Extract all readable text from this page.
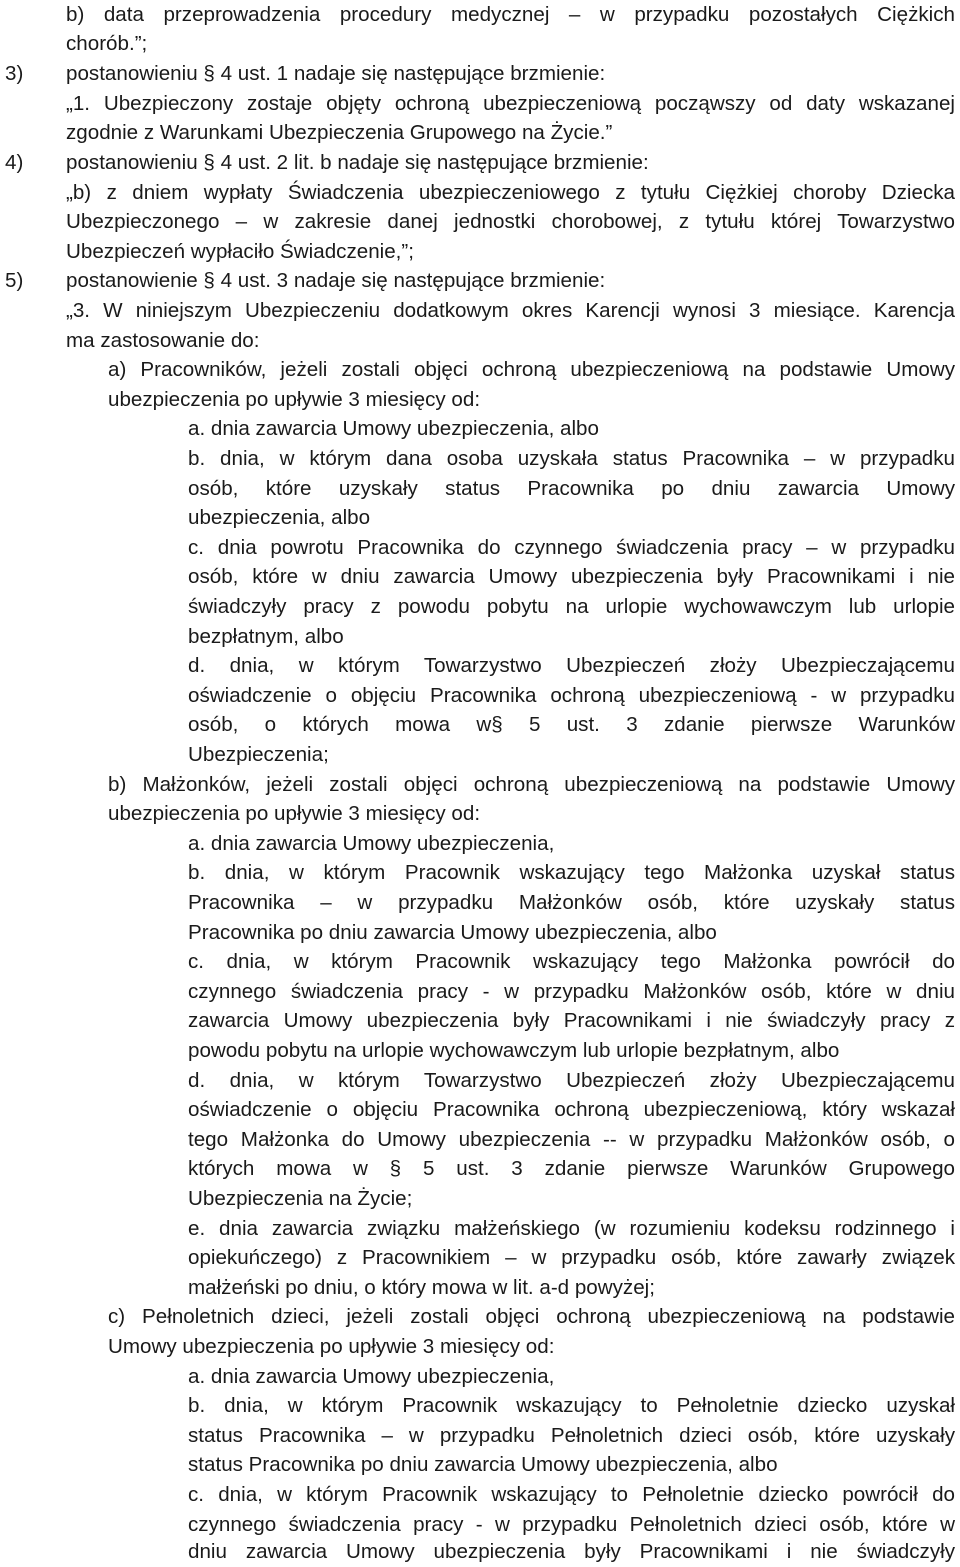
b) data przeprowadzenia procedury medycznej – w przypadku pozostałych Ciężkich
chorób.”;
3) postanowieniu § 4 ust. 1 nadaje się następujące brzmienie:
„1. Ubezpieczony zostaje objęty ochroną ubezpieczeniową począwszy od daty wskazanej
zgodnie z Warunkami Ubezpieczenia Grupowego na Życie.”
4) postanowieniu § 4 ust. 2 lit. b nadaje się następujące brzmienie:
„b) z dniem wypłaty Świadczenia ubezpieczeniowego z tytułu Ciężkiej choroby Dziecka
Ubezpieczonego – w zakresie danej jednostki chorobowej, z tytułu której Towarzystwo
Ubezpieczeń wypłaciło Świadczenie,”;
5) postanowienie § 4 ust. 3 nadaje się następujące brzmienie:
„3. W niniejszym Ubezpieczeniu dodatkowym okres Karencji wynosi 3 miesiące. Karencja
ma zastosowanie do:
a) Pracowników, jeżeli zostali objęci ochroną ubezpieczeniową na podstawie Umowy
ubezpieczenia po upływie 3 miesięcy od:
a. dnia zawarcia Umowy ubezpieczenia, albo
b. dnia, w którym dana osoba uzyskała status Pracownika – w przypadku
osób, które uzyskały status Pracownika po dniu zawarcia Umowy
ubezpieczenia, albo
c. dnia powrotu Pracownika do czynnego świadczenia pracy – w przypadku
osób, które w dniu zawarcia Umowy ubezpieczenia były Pracownikami i nie
świadczyły pracy z powodu pobytu na urlopie wychowawczym lub urlopie
bezpłatnym, albo
d. dnia, w którym Towarzystwo Ubezpieczeń złoży Ubezpieczającemu
oświadczenie o objęciu Pracownika ochroną ubezpieczeniową - w przypadku
osób, o których mowa w§ 5 ust. 3 zdanie pierwsze Warunków
Ubezpieczenia;
b) Małżonków, jeżeli zostali objęci ochroną ubezpieczeniową na podstawie Umowy
ubezpieczenia po upływie 3 miesięcy od:
a. dnia zawarcia Umowy ubezpieczenia,
b. dnia, w którym Pracownik wskazujący tego Małżonka uzyskał status
Pracownika – w przypadku Małżonków osób, które uzyskały status
Pracownika po dniu zawarcia Umowy ubezpieczenia, albo
c. dnia, w którym Pracownik wskazujący tego Małżonka powrócił do
czynnego świadczenia pracy - w przypadku Małżonków osób, które w dniu
zawarcia Umowy ubezpieczenia były Pracownikami i nie świadczyły pracy z
powodu pobytu na urlopie wychowawczym lub urlopie bezpłatnym, albo
d. dnia, w którym Towarzystwo Ubezpieczeń złoży Ubezpieczającemu
oświadczenie o objęciu Pracownika ochroną ubezpieczeniową, który wskazał
tego Małżonka do Umowy ubezpieczenia -- w przypadku Małżonków osób, o
których mowa w § 5 ust. 3 zdanie pierwsze Warunków Grupowego
Ubezpieczenia na Życie;
e. dnia zawarcia związku małżeńskiego (w rozumieniu kodeksu rodzinnego i
opiekuńczego) z Pracownikiem – w przypadku osób, które zawarły związek
małżeński po dniu, o który mowa w lit. a-d powyżej;
c) Pełnoletnich dzieci, jeżeli zostali objęci ochroną ubezpieczeniową na podstawie
Umowy ubezpieczenia po upływie 3 miesięcy od:
a. dnia zawarcia Umowy ubezpieczenia,
b. dnia, w którym Pracownik wskazujący to Pełnoletnie dziecko uzyskał
status Pracownika – w przypadku Pełnoletnich dzieci osób, które uzyskały
status Pracownika po dniu zawarcia Umowy ubezpieczenia, albo
c. dnia, w którym Pracownik wskazujący to Pełnoletnie dziecko powrócił do
czynnego świadczenia pracy - w przypadku Pełnoletnich dzieci osób, które w
dniu zawarcia Umowy ubezpieczenia były Pracownikami i nie świadczyły
